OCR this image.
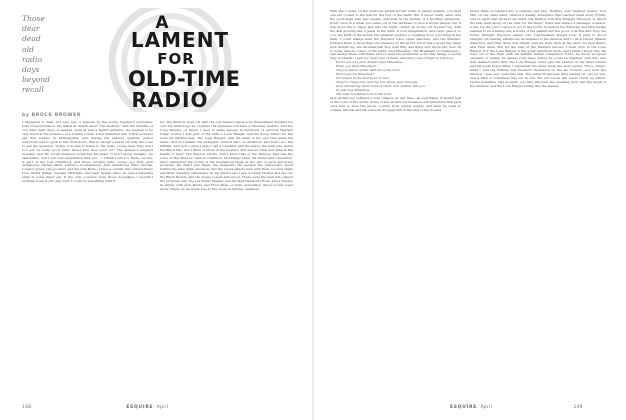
Those
dear
dead
old
radio
days
beyond
recall
A
LAMENT
FOR
OLD-TIME
RADIO
by BROCK BROWER

I happened to hear, not long ago, a bemoan by the young television performer, John Crosby/Gleason. He talked at length about "the medium," and the remarks of our older radio days, it seemed, were at best a highly tentative. We seemed to be very much in the presence of a roaring comet, some rekindled star of that powered era that rotates on Philadelphia, and, during the ensuing question period everybody had to gush in full. Everybody, that is, except a brave old lady who rose to ask the question: "Some of us like to listen to the radio, young man. Why don't you put on some good radio shows like they used to?" The audience laughed uneasily, and Mr. Crosby/Gleason scratched his head. "I don't know, madam," he said finally, "but I can very sympathize with you ..." I think I can too. Radio, for me, is part of the Lost Childhood, and those old-time radio voices—Joe Kerr, Jack Armstrong, Jimmie Allen, Johnny's programmers, Jack Armstrong, Baby Snooks, Lorenzo Jones, the joy-rider, and his wife Belle—I have a certain and extraordinary love. Stella Dallas, Captain Midnight, and Sam Spade—have an awe-everlasting state in some inner ear. If the only occasion were those nowadays, I wouldn't scribble down it out: gap bent, I could do something with it.

lot. The Shadow went out with the cud framer (whose love immediately dwarfed my own hot anthology) as I believe the Japanese will have a Saturday feature. And the Lone Ranger—of whom I used to make heroes; in hundreds of glorious Western tragic scenes I was part of the radio's Lone Ranger, and his horse Silver; he has done his faithful best. The Lone Ranger, with his mask of his own idea made his name. And he remains the strangest, bravest hero of childhood, and Tonto too, the faithful. And now comes a man I call a Crusader and the brave, the man who wears the Black Hat, and I think of those in the mystery. Who knows what evil lurks in the hearts of men? The Shadow knows. And I know that of the Shadow, that was the voice of The Shadow, Lamont Cranston, and Margo Lane, his friend and companion, and I remember the sound of the mechanical laugh at the end of each and every program. We didn't just listen. We imagined. We became the characters, stood behind the fake grain elevators and the sound-effects men with their coconut shells and their crinkling cellophane. In my mind's eye I saw a Green Hornet and his car, the Black Beauty, and the honey-voiced announcer. There were the men who played the program bits, the Lux Radio Theater and the Bell Telephone Hour, and a Sunday in winter with Jack Benny and Fred Allen—a radio generation whose rooms were never empty, as we made love to the clock on Sunday evenings.

148	ESQUIRE: April

With the volume on the bedroom Zenith turned down to barely audible, you kept one ear cocked to the hall for the foot of the stairs. But it never really came, and the good-night kiss was usually delivered in the middle of a thrilling adventure. Every once in a while you came out of the darkness to face a worse danger, but it was more fun to listen late into the night, curled up on the old hooked rug, with the dial glowing like a jewel in the dark. It took imagination, and radio gave it to you; the thrill of the sound, the smallest gesture, a creaking door, a footstep in the dark. I could always hear the Hermit's Cave, Inner Sanctum, and the Whistler. Perhaps there is more than one pleasure in the world, but it was a great day when Jack Armstrong, the All-American Boy, with Billy and Betty and Uncle Jim, flew off to some remote corner of the earth. And Wheaties—the Breakfast of Champions—was always there with them, and so were the premiums: a decoder badge, a secret ring, a whistle. I sent for every one of them, and every one of them is lost now.

Won't you buy Jack Armstrong's Wheaties,

Have you tried Wheaties?

They're whole wheat with all of the bran.

Won't you try Wheaties?

For wheat is the best food of man.

They're crispy and crunchy, the whole year through;

Jack Armstrong never tires of them, and neither will you.

So just buy Wheaties,

The best breakfast food in the land.

Jack Armstrong suffered a real collapse at war time—as everything in thumb-ball of the voice of the world. Some of the serial's old audience will remember that Jack once had to save the whole country from enemy agents, and then he went to college. Mutual and the network dropped him in the end of the decade.

Jack's skills dovetailed into a running plot line. Nothing ever finished clearly. Tom Mix, on the other hand, offered a weekly adventure that reached itself every Friday. One in particular sticks in my mind: the Ralston Tom Mix Straight Shooters, in which the kids went along on the trail, for his magic; there was always a message, a lesson, a way for the good cowboy to act in the world. Somehow the Saturday morning serials seemed to be a fading era, a world of the gallant and the good. Tom Mix and Tony, his horse. Straight Shooters always win. Lawbreakers always lose. It pays to shoot straight. On Sunday afternoons we listened to the Shadow and to Nick Carter, Master Detective, and then there was dinner, and we were back at the radio for Jack Benny and Fred Allen. But for the best of the Western heroes, I must turn to the Lone Ranger. For the Lone Ranger is the great American myth, and I think I know why. He rode out of the West with his faithful Indian companion Tonto; he never accepted payment or praise; he always rode away before he could be thanked. And who was that masked man? Only the Lone Ranger could give the answer, in his silver bullets and his great horse Silver. I remember the shout when the story ended: "Hi-yo, Silver! Away!" And the William Tell Overture thundered on the air. Nobody—not even the Shadow—was ever quite like him. The serial broadcasts have passed on, one by one, and a kind of loneliness has set in, but the old voices will never really be stilled. Listen sometime, late at night: you may still hear the creaking door, and the laugh of the Shadow, and the Lone Ranger riding into the sunset.

ESQUIRE: April	149
